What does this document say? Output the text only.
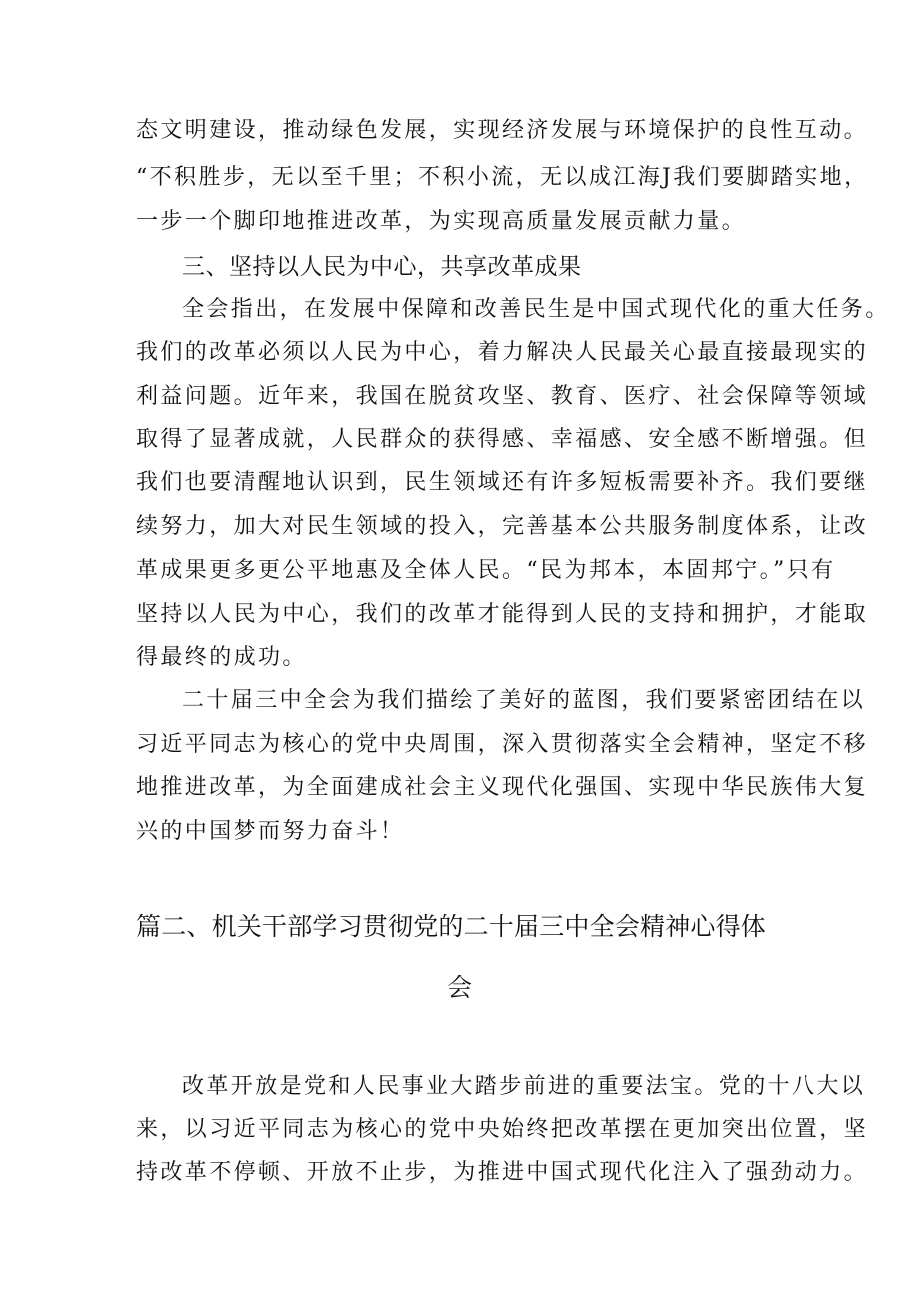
态文明建设，推动绿色发展，实现经济发展与环境保护的良性互动。
“不积胜步，无以至千里；不积小流，无以成江海J我们要脚踏实地，
一步一个脚印地推进改革，为实现高质量发展贡献力量。
三、坚持以人民为中心，共享改革成果
全会指出，在发展中保障和改善民生是中国式现代化的重大任务。
我们的改革必须以人民为中心，着力解决人民最关心最直接最现实的
利益问题。近年来，我国在脱贫攻坚、教育、医疗、社会保障等领域
取得了显著成就，人民群众的获得感、幸福感、安全感不断增强。但
我们也要清醒地认识到，民生领域还有许多短板需要补齐。我们要继
续努力，加大对民生领域的投入，完善基本公共服务制度体系，让改
革成果更多更公平地惠及全体人民。“民为邦本，本固邦宁。”只有
坚持以人民为中心，我们的改革才能得到人民的支持和拥护，才能取
得最终的成功。
二十届三中全会为我们描绘了美好的蓝图，我们要紧密团结在以
习近平同志为核心的党中央周围，深入贯彻落实全会精神，坚定不移
地推进改革，为全面建成社会主义现代化强国、实现中华民族伟大复
兴的中国梦而努力奋斗！
篇二、机关干部学习贯彻党的二十届三中全会精神心得体
会
改革开放是党和人民事业大踏步前进的重要法宝。党的十八大以
来，以习近平同志为核心的党中央始终把改革摆在更加突出位置，坚
持改革不停顿、开放不止步，为推进中国式现代化注入了强劲动力。
